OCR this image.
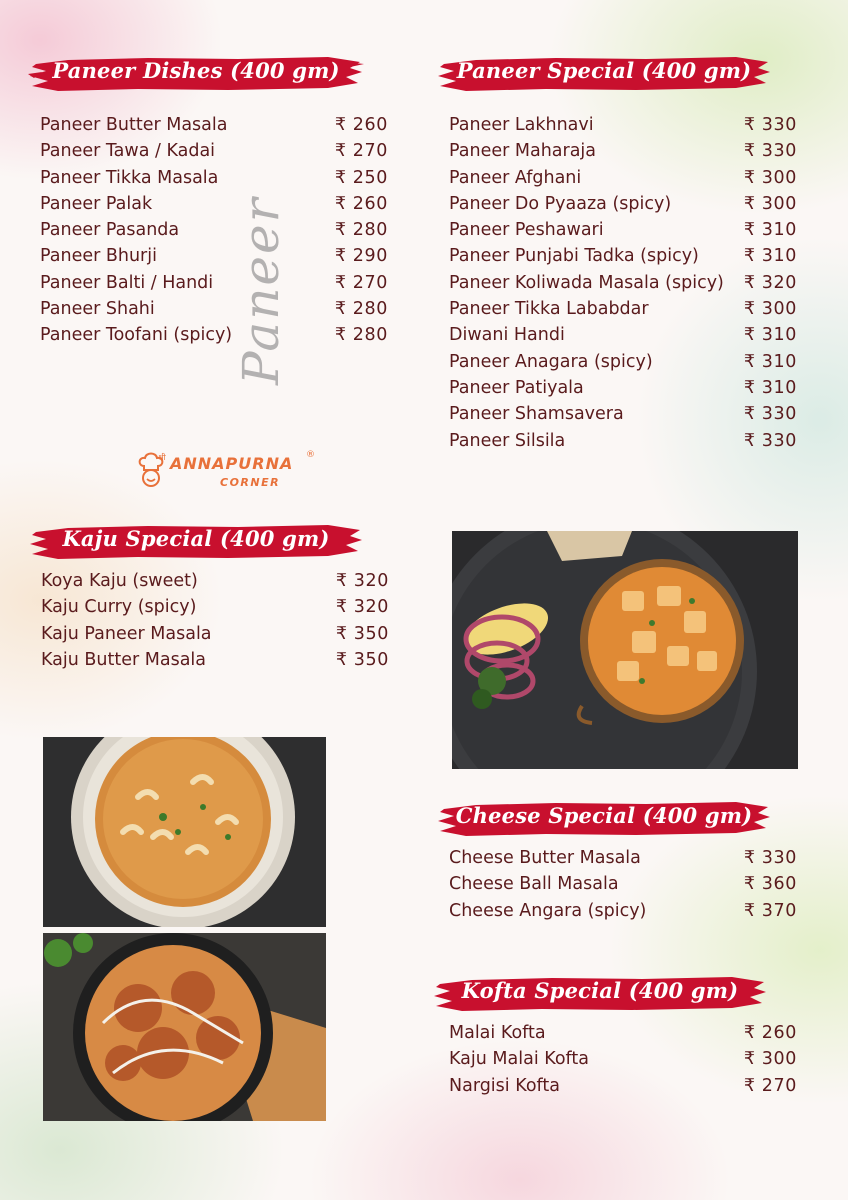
Paneer Dishes (400 gm)	Paneer Special (400 gm)
Kaju Special (400 gm)
Cheese Special (400 gm)
Kofta Special (400 gm)
Paneer Butter Masala	₹ 260
Paneer Tawa / Kadai	₹ 270
Paneer Tikka Masala	₹ 250
Paneer Palak	₹ 260
Paneer Pasanda	₹ 280
Paneer Bhurji	₹ 290
Paneer Balti / Handi	₹ 270
Paneer Shahi	₹ 280
Paneer Toofani (spicy)	₹ 280
Paneer Lakhnavi	₹ 330
Paneer Maharaja	₹ 330
Paneer Afghani	₹ 300
Paneer Do Pyaaza (spicy)	₹ 300
Paneer Peshawari	₹ 310
Paneer Punjabi Tadka (spicy)	₹ 310
Paneer Koliwada Masala (spicy) ₹ 320
Paneer Tikka Lababdar	₹ 300
Diwani Handi	₹ 310
Paneer Anagara (spicy)	₹ 310
Paneer Patiyala	₹ 310
Paneer Shamsavera	₹ 330
Paneer Silsila	₹ 330
Koya Kaju (sweet)	₹ 320
Kaju Curry (spicy)	₹ 320
Kaju Paneer Masala	₹ 350
Kaju Butter Masala	₹ 350
Cheese Butter Masala	₹ 330
Cheese Ball Masala	₹ 360
Cheese Angara (spicy)	₹ 370
Malai Kofta	₹ 260
Kaju Malai Kofta	₹ 300
Nargisi Kofta	₹ 270
Paneer
श्री ANNAPURNA ®
CORNER
